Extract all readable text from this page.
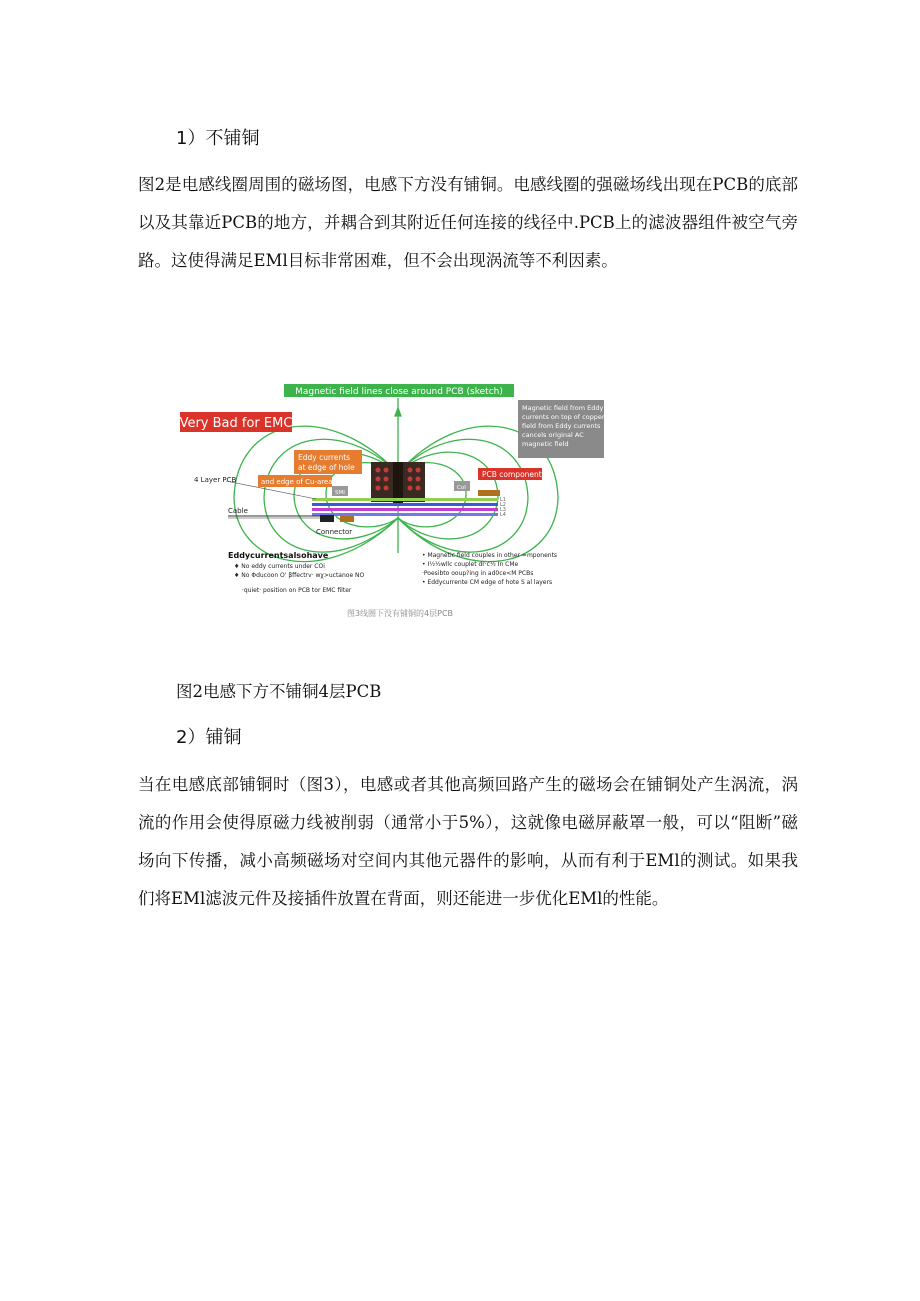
1）不铺铜

图2是电感线圈周围的磁场图，电感下方没有铺铜。电感线圈的强磁场线出现在PCB的底部以及其靠近PCB的地方，并耦合到其附近任何连接的线径中.PCB上的滤波器组件被空气旁路。这使得满足EMl目标非常困难，但不会出现涡流等不利因素。

Magnetic field lines close around PCB (sketch)
Very Bad for EMC
Magnetic field from Eddy
currents on top of copper,
field from Eddy currents
cancels original AC
magnetic field
Eddy currents
at edge of hole
and edge of Cu-area
PCB component
SMI
CoI
L1
L2
L3
L4
4 Layer PCB
Cable
Connector
Eddycurrentsalsohave
♦ No eddy currents under COi
♦ No Φducoon O' βffectrv· wχ>uctanoe NO
·quiet· position on PCB tor EMC filter
• Magnetic field couples in other =mponents
• I½½wllc couplet dr·c½ In CMe
·Poesibto ooup?ing in ad0ce<M PCBs
• Eddycurrente CM edge of hote S al layers
图3线圈下没有铺铜的4层PCB
图2电感下方不铺铜4层PCB
2）铺铜

当在电感底部铺铜时（图3），电感或者其他高频回路产生的磁场会在铺铜处产生涡流，涡流的作用会使得原磁力线被削弱（通常小于5%），这就像电磁屏蔽罩一般，可以“阻断”磁场向下传播，减小高频磁场对空间内其他元器件的影响，从而有利于EMl的测试。如果我们将EMl滤波元件及接插件放置在背面，则还能进一步优化EMl的性能。
